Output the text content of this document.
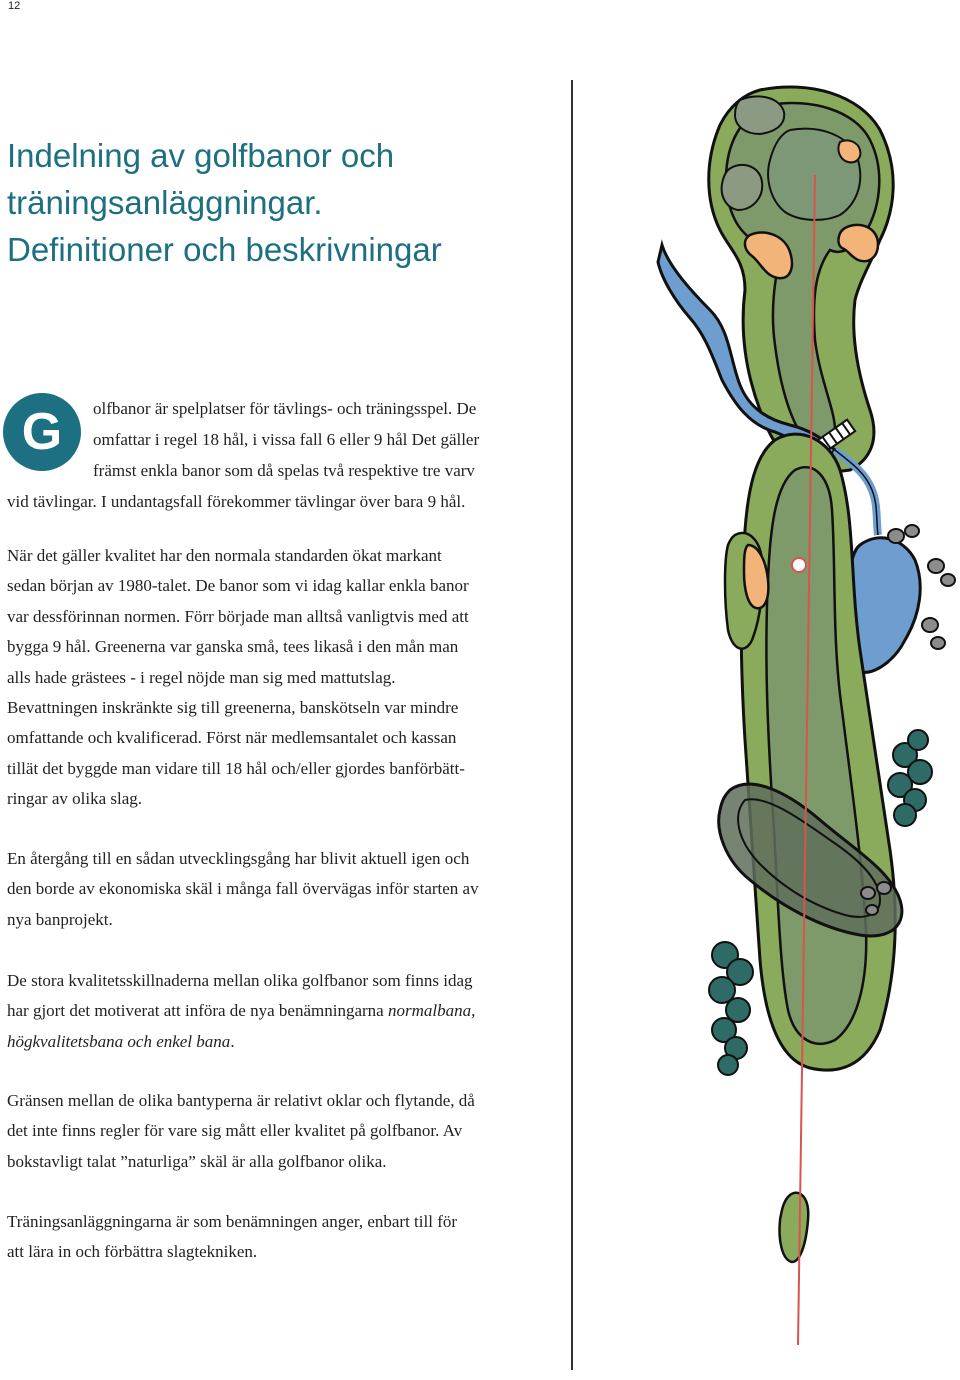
12
Indelning av golfbanor och
träningsanläggningar.
Definitioner och beskrivningar
G	olfbanor är spelplatser för tävlings- och träningsspel. De
omfattar i regel 18 hål, i vissa fall 6 eller 9 hål Det gäller
främst enkla banor som då spelas två respektive tre varv
vid tävlingar. I undantagsfall förekommer tävlingar över bara 9 hål.
När det gäller kvalitet har den normala standarden ökat markant
sedan början av 1980-talet. De banor som vi idag kallar enkla banor
var dessförinnan normen. Förr började man alltså vanligtvis med att
bygga 9 hål. Greenerna var ganska små, tees likaså i den mån man
alls hade grästees - i regel nöjde man sig med mattutslag.
Bevattningen inskränkte sig till greenerna, banskötseln var mindre
omfattande och kvalificerad. Först när medlemsantalet och kassan
tillät det byggde man vidare till 18 hål och/eller gjordes banförbätt-
ringar av olika slag.
En återgång till en sådan utvecklingsgång har blivit aktuell igen och
den borde av ekonomiska skäl i många fall övervägas inför starten av
nya banprojekt.
De stora kvalitetsskillnaderna mellan olika golfbanor som finns idag
har gjort det motiverat att införa de nya benämningarna normalbana,
högkvalitetsbana och enkel bana.
Gränsen mellan de olika bantyperna är relativt oklar och flytande, då
det inte finns regler för vare sig mått eller kvalitet på golfbanor. Av
bokstavligt talat ”naturliga” skäl är alla golfbanor olika.
Träningsanläggningarna är som benämningen anger, enbart till för
att lära in och förbättra slagtekniken.
